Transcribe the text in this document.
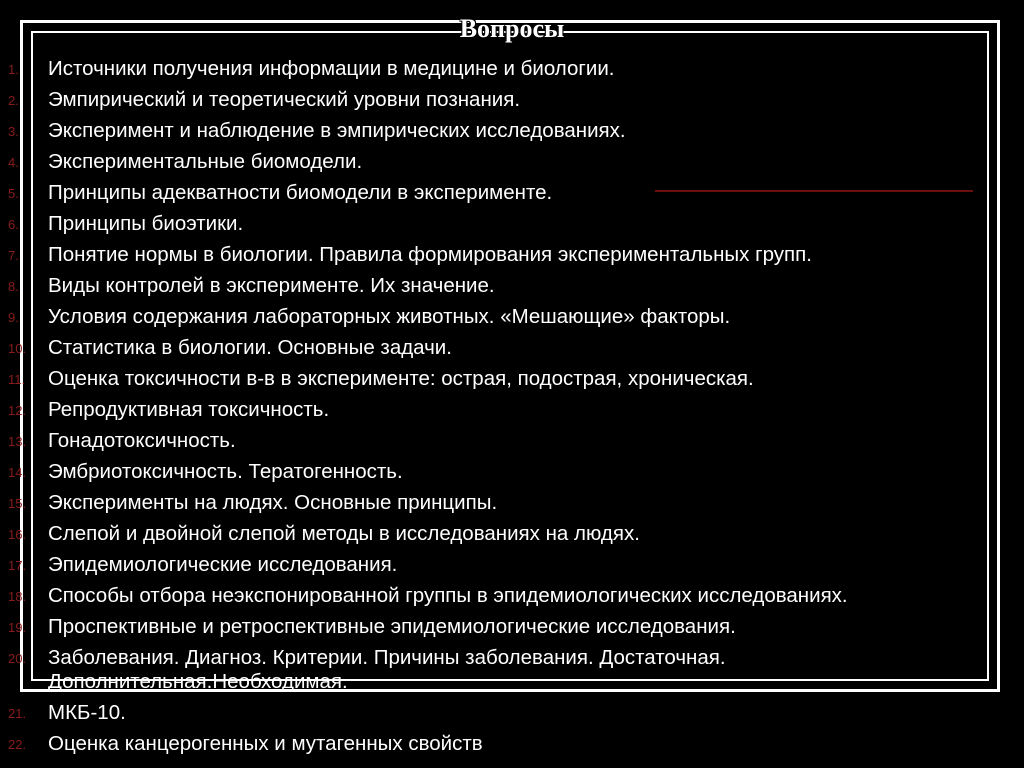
Вопросы
1. Источники получения информации в медицине и биологии.
2. Эмпирический и теоретический уровни познания.
3. Эксперимент и наблюдение в эмпирических исследованиях.
4. Экспериментальные биомодели.
5. Принципы адекватности биомодели в эксперименте.
6. Принципы биоэтики.
7. Понятие нормы в биологии. Правила формирования экспериментальных групп.
8. Виды контролей в эксперименте. Их значение.
9. Условия содержания лабораторных животных. «Мешающие» факторы.
10. Статистика в биологии. Основные задачи.
11. Оценка токсичности в-в в эксперименте: острая, подострая, хроническая.
12. Репродуктивная токсичность.
13. Гонадотоксичность.
14. Эмбриотоксичность. Тератогенность.
15. Эксперименты на людях. Основные принципы.
16. Слепой и двойной слепой методы в исследованиях на людях.
17. Эпидемиологические исследования.
18. Способы отбора неэкспонированной группы в эпидемиологических исследованиях.
19. Проспективные и ретроспективные эпидемиологические исследования.
20. Заболевания. Диагноз. Критерии. Причины заболевания. Достаточная. Дополнительная.Необходимая.
21. МКБ-10.
22. Оценка канцерогенных и мутагенных свойств
